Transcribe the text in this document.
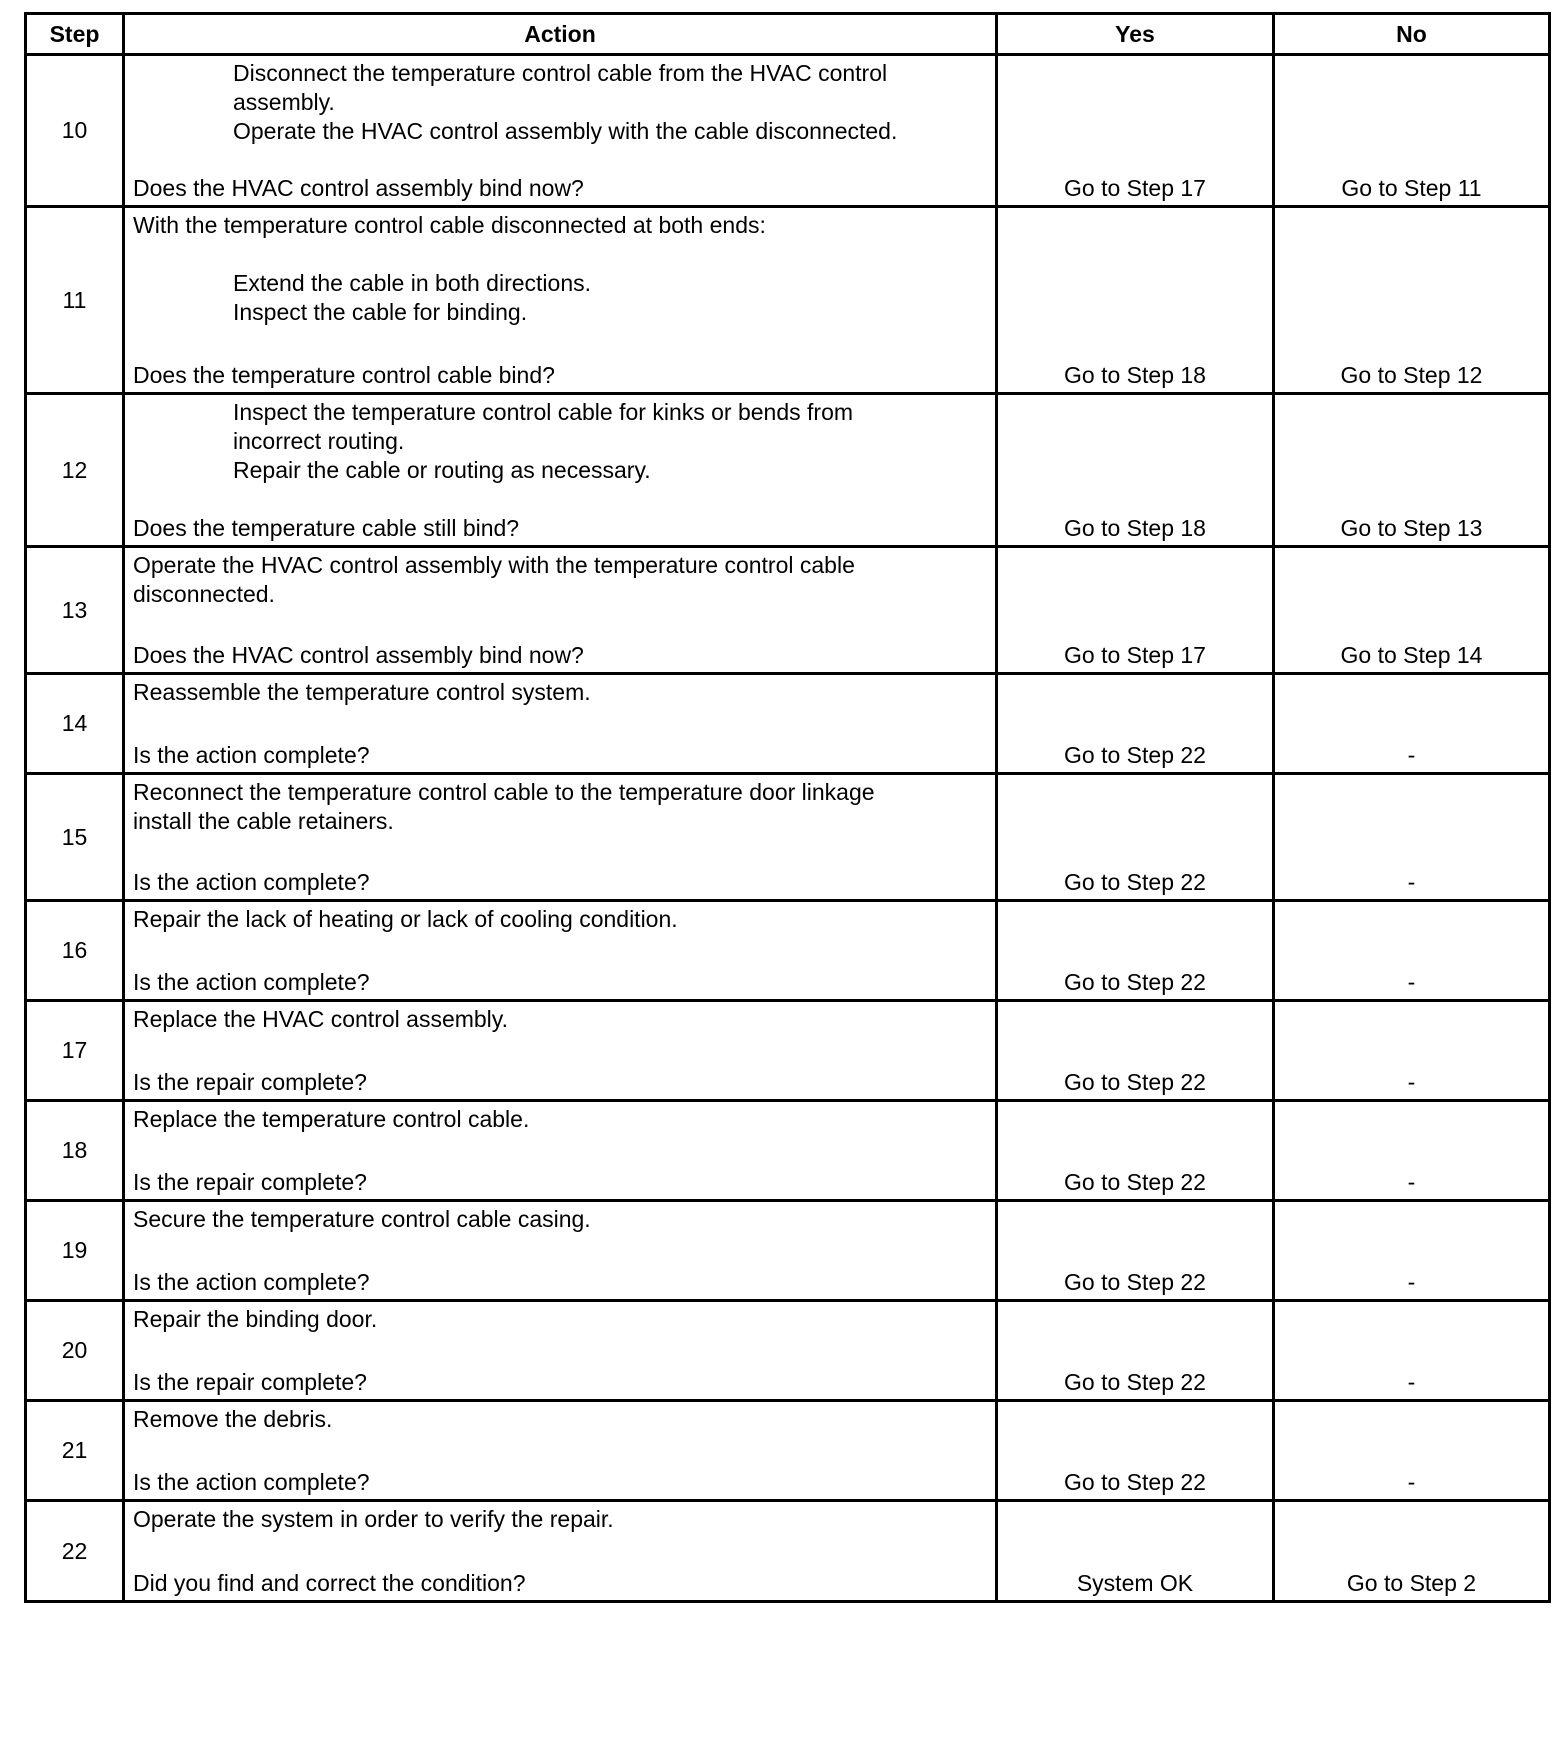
Step	Action	Yes	No
10	Disconnect the temperature control cable from the HVAC control
assembly.
Operate the HVAC control assembly with the cable disconnected.
Does the HVAC control assembly bind now?	Go to Step 17	Go to Step 11

11	With the temperature control cable disconnected at both ends:
Extend the cable in both directions.
Inspect the cable for binding.
Does the temperature control cable bind?	Go to Step 18	Go to Step 12

12	Inspect the temperature control cable for kinks or bends from
incorrect routing.
Repair the cable or routing as necessary.
Does the temperature cable still bind?	Go to Step 18	Go to Step 13

13	Operate the HVAC control assembly with the temperature control cable
disconnected.
Does the HVAC control assembly bind now?	Go to Step 17	Go to Step 14

14	Reassemble the temperature control system.
Is the action complete?	Go to Step 22	-

15	Reconnect the temperature control cable to the temperature door linkage
install the cable retainers.
Is the action complete?	Go to Step 22	-

16	Repair the lack of heating or lack of cooling condition.
Is the action complete?	Go to Step 22	-

17	Replace the HVAC control assembly.
Is the repair complete?	Go to Step 22	-

18	Replace the temperature control cable.
Is the repair complete?	Go to Step 22	-

19	Secure the temperature control cable casing.
Is the action complete?	Go to Step 22	-

20	Repair the binding door.
Is the repair complete?	Go to Step 22	-

21	Remove the debris.
Is the action complete?	Go to Step 22	-

22	Operate the system in order to verify the repair.
Did you find and correct the condition?	System OK	Go to Step 2
